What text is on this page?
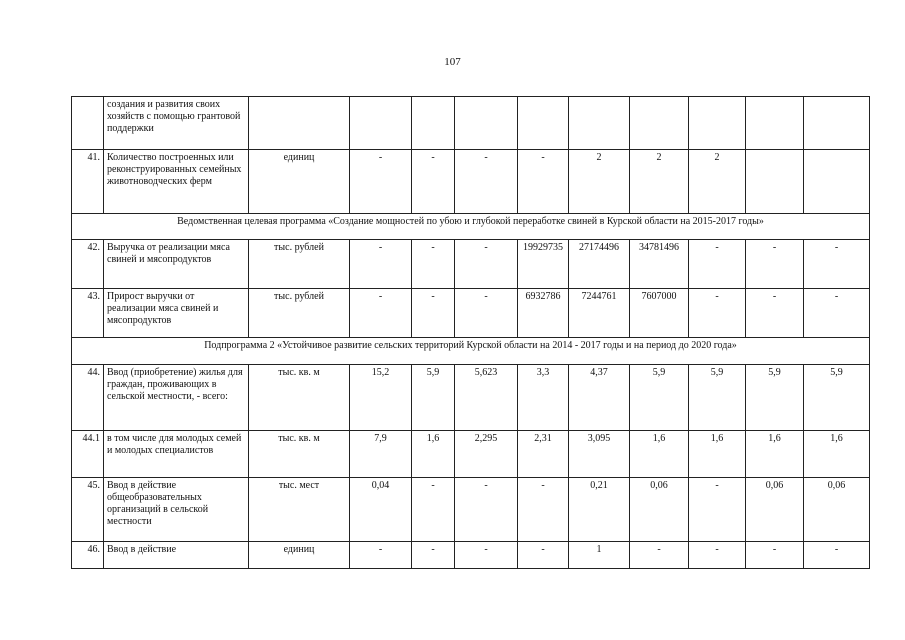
107
	создания и развития своих хозяйств с помощью грантовой поддержки										
41.	Количество построенных или реконструированных семейных животноводческих ферм	единиц	-	-	-	-	2	2	2		
Ведомственная целевая программа «Создание мощностей по убою и глубокой переработке свиней в Курской области на 2015-2017 годы»											
42.	Выручка от реализации мяса свиней и мясопродуктов	тыс. рублей	-	-	-	19929735	27174496	34781496	-	-	-
43.	Прирост выручки от реализации мяса свиней и мясопродуктов	тыс. рублей	-	-	-	6932786	7244761	7607000	-	-	-
Подпрограмма 2 «Устойчивое развитие сельских территорий Курской области на 2014 - 2017 годы и на период до 2020 года»											
44.	Ввод (приобретение) жилья для граждан, проживающих в сельской местности, - всего:	тыс. кв. м	15,2	5,9	5,623	3,3	4,37	5,9	5,9	5,9	5,9
44.1	в том числе для молодых семей и молодых специалистов	тыс. кв. м	7,9	1,6	2,295	2,31	3,095	1,6	1,6	1,6	1,6
45.	Ввод в действие общеобразовательных организаций в сельской местности	тыс. мест	0,04	-	-	-	0,21	0,06	-	0,06	0,06
46.	Ввод в действие	единиц	-	-	-	-	1	-	-	-	-
